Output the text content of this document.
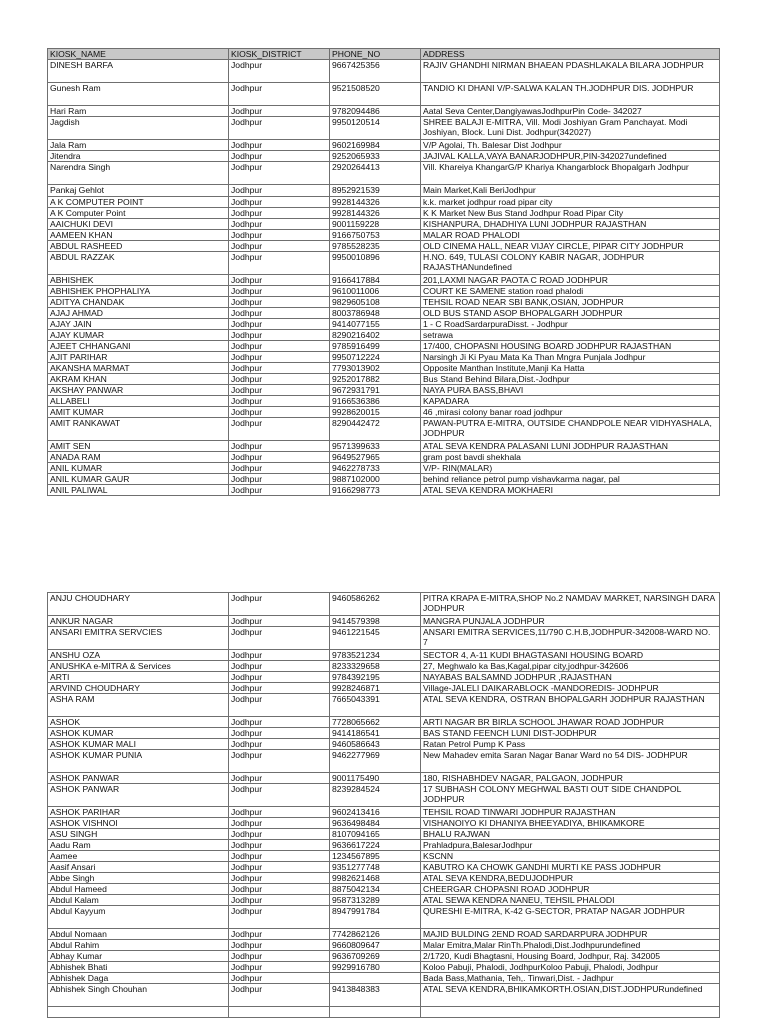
KIOSK_NAME	KIOSK_DISTRICT	PHONE_NO	ADDRESS
DINESH BARFA	Jodhpur	9667425356	RAJIV GHANDHI NIRMAN BHAEAN PDASHLAKALA BILARA JODHPUR
Gunesh Ram	Jodhpur	9521508520	TANDIO KI DHANI V/P-SALWA KALAN TH.JODHPUR DIS. JODHPUR
Hari Ram	Jodhpur	9782094486	Aatal Seva Center,DangiyawasJodhpurPin Code- 342027
Jagdish	Jodhpur	9950120514	SHREE BALAJI E-MITRA, Vill. Modi Joshiyan Gram Panchayat. Modi Joshiyan, Block. Luni Dist. Jodhpur(342027)
Jala Ram	Jodhpur	9602169984	V/P Agolai, Th. Balesar Dist Jodhpur
Jitendra	Jodhpur	9252065933	JAJIVAL KALLA,VAYA BANARJODHPUR,PIN-342027undefined
Narendra Singh	Jodhpur	2920264413	Vill. Khareiya KhangarG/P Khariya Khangarblock Bhopalgarh Jodhpur
Pankaj Gehlot	Jodhpur	8952921539	Main Market,Kali BeriJodhpur
A K COMPUTER POINT	Jodhpur	9928144326	k.k. market jodhpur road pipar city
A K Computer Point	Jodhpur	9928144326	K K Market New Bus Stand Jodhpur Road Pipar City
AAICHUKI DEVI	Jodhpur	9001159228	KISHANPURA, DHADHIYA LUNI JODHPUR RAJASTHAN
AAMEEN KHAN	Jodhpur	9166750753	MALAR ROAD PHALODI
ABDUL RASHEED	Jodhpur	9785528235	OLD CINEMA HALL, NEAR VIJAY CIRCLE, PIPAR CITY JODHPUR
ABDUL RAZZAK	Jodhpur	9950010896	H.NO. 649, TULASI COLONY KABIR NAGAR, JODHPUR RAJASTHANundefined
ABHISHEK	Jodhpur	9166417884	201,LAXMI NAGAR PAOTA C ROAD JODHPUR
ABHISHEK PHOPHALIYA	Jodhpur	9610011006	COURT KE SAMENE station road phalodi
ADITYA CHANDAK	Jodhpur	9829605108	TEHSIL ROAD NEAR SBI BANK,OSIAN, JODHPUR
AJAJ AHMAD	Jodhpur	8003786948	OLD BUS STAND ASOP BHOPALGARH JODHPUR
AJAY JAIN	Jodhpur	9414077155	1 - C RoadSardarpuraDisst. - Jodhpur
AJAY KUMAR	Jodhpur	8290216402	setrawa
AJEET CHHANGANI	Jodhpur	9785916499	17/400, CHOPASNI HOUSING BOARD JODHPUR RAJASTHAN
AJIT PARIHAR	Jodhpur	9950712224	Narsingh Ji Ki Pyau Mata Ka Than Mngra Punjala Jodhpur
AKANSHA MARMAT	Jodhpur	7793013902	Opposite Manthan Institute,Manji Ka Hatta
AKRAM KHAN	Jodhpur	9252017882	Bus Stand Behind Bilara,Dist.-Jodhpur
AKSHAY PANWAR	Jodhpur	9672931791	NAYA PURA BASS,BHAVI
ALLABELI	Jodhpur	9166536386	KAPADARA
AMIT KUMAR	Jodhpur	9928620015	46 ,mirasi colony banar road jodhpur
AMIT RANKAWAT	Jodhpur	8290442472	PAWAN-PUTRA E-MITRA, OUTSIDE CHANDPOLE NEAR VIDHYASHALA, JODHPUR
AMIT SEN	Jodhpur	9571399633	ATAL SEVA KENDRA PALASANI LUNI JODHPUR RAJASTHAN
ANADA RAM	Jodhpur	9649527965	gram post bavdi shekhala
ANIL KUMAR	Jodhpur	9462278733	V/P- RIN(MALAR)
ANIL KUMAR GAUR	Jodhpur	9887102000	behind reliance petrol pump vishavkarma nagar, pal
ANIL PALIWAL	Jodhpur	9166298773	ATAL SEVA KENDRA MOKHAERI
ANJU CHOUDHARY	Jodhpur	9460586262	PITRA KRAPA E-MITRA,SHOP No.2 NAMDAV MARKET, NARSINGH DARA JODHPUR
ANKUR NAGAR	Jodhpur	9414579398	MANGRA PUNJALA JODHPUR
ANSARI EMITRA SERVCIES	Jodhpur	9461221545	ANSARI EMITRA SERVICES,11/790 C.H.B,JODHPUR-342008-WARD NO. 7
ANSHU OZA	Jodhpur	9783521234	SECTOR 4, A-11 KUDI BHAGTASANI HOUSING BOARD
ANUSHKA e-MITRA & Services	Jodhpur	8233329658	27, Meghwalo ka Bas,Kagal,pipar city,jodhpur-342606
ARTI	Jodhpur	9784392195	NAYABAS BALSAMND JODHPUR ,RAJASTHAN
ARVIND CHOUDHARY	Jodhpur	9928246871	Village-JALELI DAIKARABLOCK -MANDOREDIS- JODHPUR
ASHA RAM	Jodhpur	7665043391	ATAL SEVA KENDRA, OSTRAN BHOPALGARH JODHPUR RAJASTHAN
ASHOK	Jodhpur	7728065662	ARTI NAGAR BR BIRLA SCHOOL JHAWAR ROAD JODHPUR
ASHOK KUMAR	Jodhpur	9414186541	BAS STAND FEENCH LUNI DIST-JODHPUR
ASHOK KUMAR MALI	Jodhpur	9460586643	Ratan Petrol Pump K Pass
ASHOK KUMAR PUNIA	Jodhpur	9462277969	New Mahadev emita Saran Nagar Banar Ward no 54 DIS- JODHPUR
ASHOK PANWAR	Jodhpur	9001175490	180, RISHABHDEV NAGAR, PALGAON, JODHPUR
ASHOK PANWAR	Jodhpur	8239284524	17 SUBHASH COLONY MEGHWAL BASTI OUT SIDE CHANDPOL JODHPUR
ASHOK PARIHAR	Jodhpur	9602413416	TEHSIL ROAD TINWARI JODHPUR RAJASTHAN
ASHOK VISHNOI	Jodhpur	9636498484	VISHANOIYO KI DHANIYA BHEEYADIYA, BHIKAMKORE
ASU SINGH	Jodhpur	8107094165	BHALU RAJWAN
Aadu Ram	Jodhpur	9636617224	Prahladpura,BalesarJodhpur
Aamee	Jodhpur	1234567895	KSCNN
Aasif Ansari	Jodhpur	9351277748	KABUTRO KA CHOWK GANDHI MURTI KE PASS JODHPUR
Abbe Singh	Jodhpur	9982621468	ATAL SEVA KENDRA,BEDUJODHPUR
Abdul Hameed	Jodhpur	8875042134	CHEERGAR CHOPASNI ROAD JODHPUR
Abdul Kalam	Jodhpur	9587313289	ATAL SEWA KENDRA NANEU, TEHSIL PHALODI
Abdul Kayyum	Jodhpur	8947991784	QURESHI E-MITRA, K-42 G-SECTOR, PRATAP NAGAR JODHPUR
Abdul Nomaan	Jodhpur	7742862126	MAJID BULDING 2END ROAD SARDARPURA JODHPUR
Abdul Rahim	Jodhpur	9660809647	Malar Emitra,Malar RinTh.Phalodi,Dist.Jodhpurundefined
Abhay Kumar	Jodhpur	9636709269	2/1720, Kudi Bhagtasni, Housing Board, Jodhpur, Raj. 342005
Abhishek Bhati	Jodhpur	9929916780	Koloo Pabuji, Phalodi, JodhpurKoloo Pabuji, Phalodi, Jodhpur
Abhishek Daga	Jodhpur		Bada Bass,Mathania, Teh,. Tinwari,Dist. - Jadhpur
Abhishek Singh Chouhan	Jodhpur	9413848383	ATAL SEVA KENDRA,BHIKAMKORTH.OSIAN,DIST.JODHPURundefined
